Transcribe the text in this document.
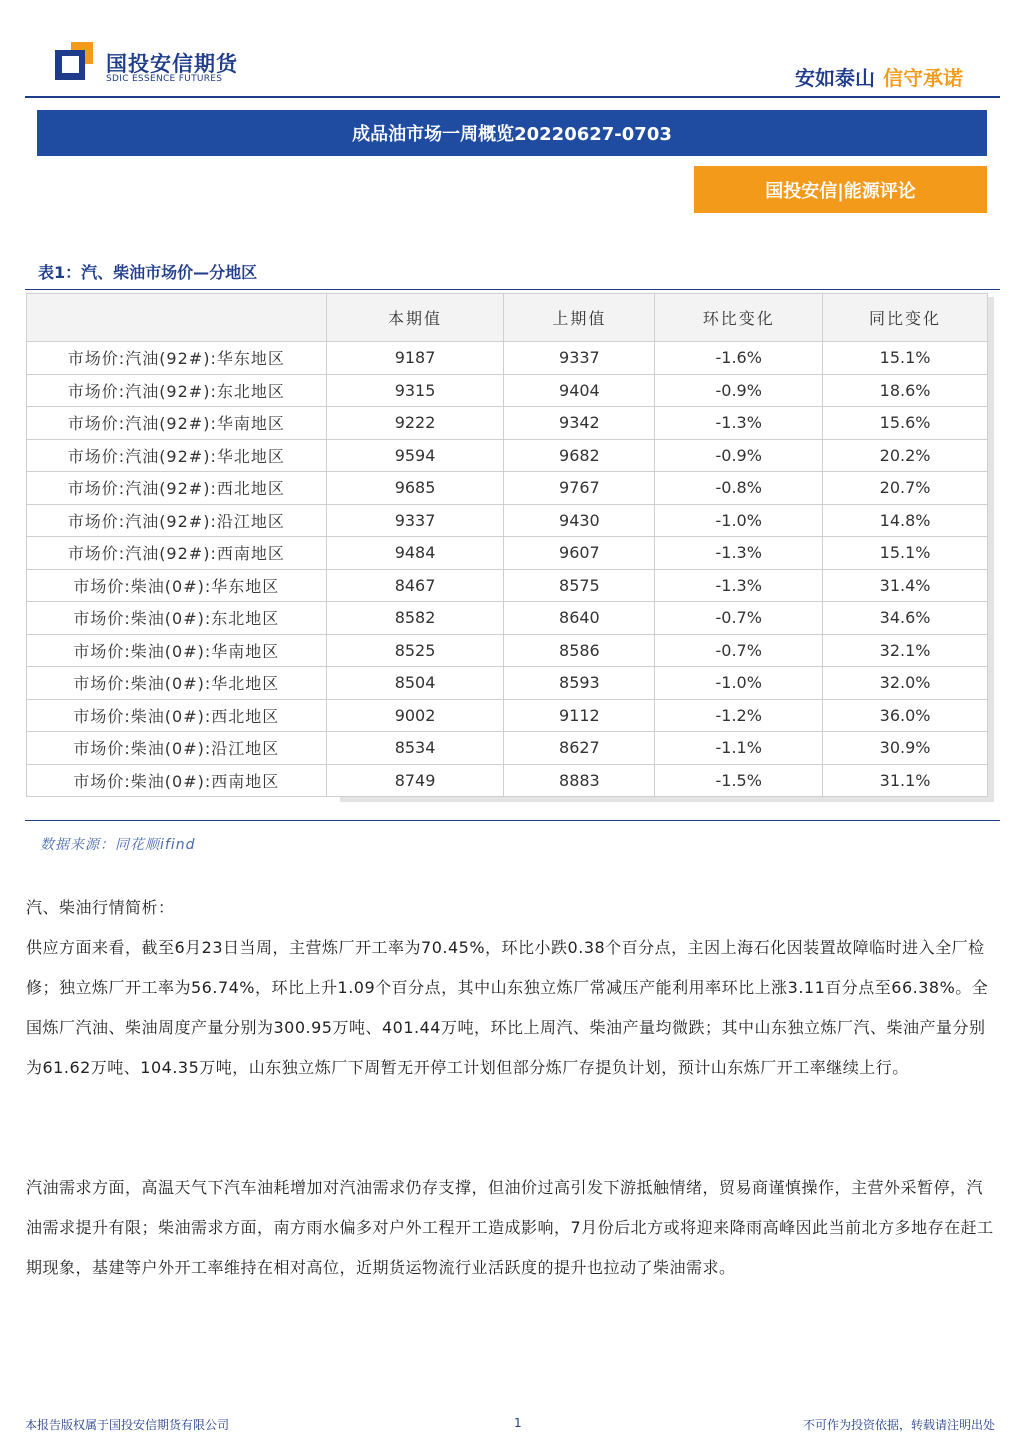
国投安信期货
SDIC ESSENCE FUTURES	安如泰山 信守承诺
成品油市场一周概览20220627-0703
国投安信|能源评论
表1：汽、柴油市场价—分地区
	本期值	上期值	环比变化	同比变化
市场价:汽油(92#):华东地区	9187	9337	-1.6%	15.1%
市场价:汽油(92#):东北地区	9315	9404	-0.9%	18.6%
市场价:汽油(92#):华南地区	9222	9342	-1.3%	15.6%
市场价:汽油(92#):华北地区	9594	9682	-0.9%	20.2%
市场价:汽油(92#):西北地区	9685	9767	-0.8%	20.7%
市场价:汽油(92#):沿江地区	9337	9430	-1.0%	14.8%
市场价:汽油(92#):西南地区	9484	9607	-1.3%	15.1%
市场价:柴油(0#):华东地区	8467	8575	-1.3%	31.4%
市场价:柴油(0#):东北地区	8582	8640	-0.7%	34.6%
市场价:柴油(0#):华南地区	8525	8586	-0.7%	32.1%
市场价:柴油(0#):华北地区	8504	8593	-1.0%	32.0%
市场价:柴油(0#):西北地区	9002	9112	-1.2%	36.0%
市场价:柴油(0#):沿江地区	8534	8627	-1.1%	30.9%
市场价:柴油(0#):西南地区	8749	8883	-1.5%	31.1%
数据来源：同花顺ifind
汽、柴油行情简析：
供应方面来看，截至6月23日当周，主营炼厂开工率为70.45%，环比小跌0.38个百分点，主因上海石化因装置故障临时进入全厂检修；独立炼厂开工率为56.74%，环比上升1.09个百分点，其中山东独立炼厂常减压产能利用率环比上涨3.11百分点至66.38%。全国炼厂汽油、柴油周度产量分别为300.95万吨、401.44万吨，环比上周汽、柴油产量均微跌；其中山东独立炼厂汽、柴油产量分别为61.62万吨、104.35万吨，山东独立炼厂下周暂无开停工计划但部分炼厂存提负计划，预计山东炼厂开工率继续上行。
汽油需求方面，高温天气下汽车油耗增加对汽油需求仍存支撑，但油价过高引发下游抵触情绪，贸易商谨慎操作，主营外采暂停，汽油需求提升有限；柴油需求方面，南方雨水偏多对户外工程开工造成影响，7月份后北方或将迎来降雨高峰因此当前北方多地存在赶工期现象，基建等户外开工率维持在相对高位，近期货运物流行业活跃度的提升也拉动了柴油需求。
本报告版权属于国投安信期货有限公司	1	不可作为投资依据，转载请注明出处
